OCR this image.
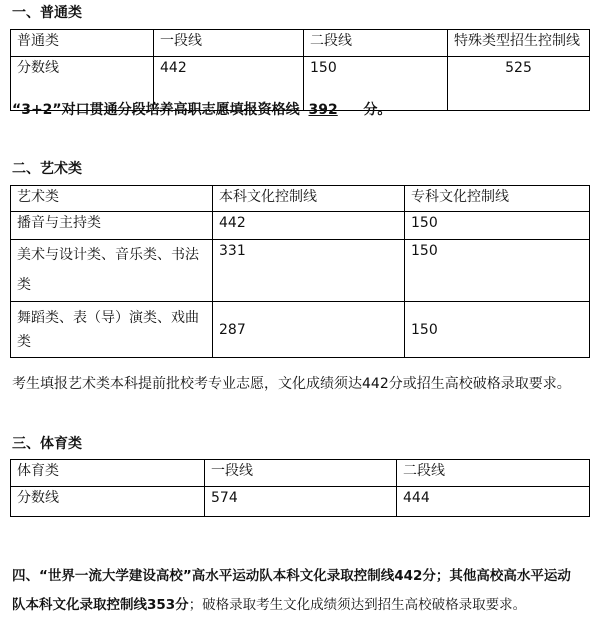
一、普通类
普通类	一段线	二段线	特殊类型招生控制线
分数线	442	150	525
“3+2”对口贯通分段培养高职志愿填报资格线 392 分。
二、艺术类
艺术类	本科文化控制线	专科文化控制线
播音与主持类	442	150
美术与设计类、音乐类、书法类	331	150
舞蹈类、表（导）演类、戏曲类	287	150
考生填报艺术类本科提前批校考专业志愿，文化成绩须达442分或招生高校破格录取要求。
三、体育类
体育类	一段线	二段线
分数线	574	444
四、“世界一流大学建设高校”高水平运动队本科文化录取控制线442分；其他高校高水平运动
队本科文化录取控制线353分；破格录取考生文化成绩须达到招生高校破格录取要求。
